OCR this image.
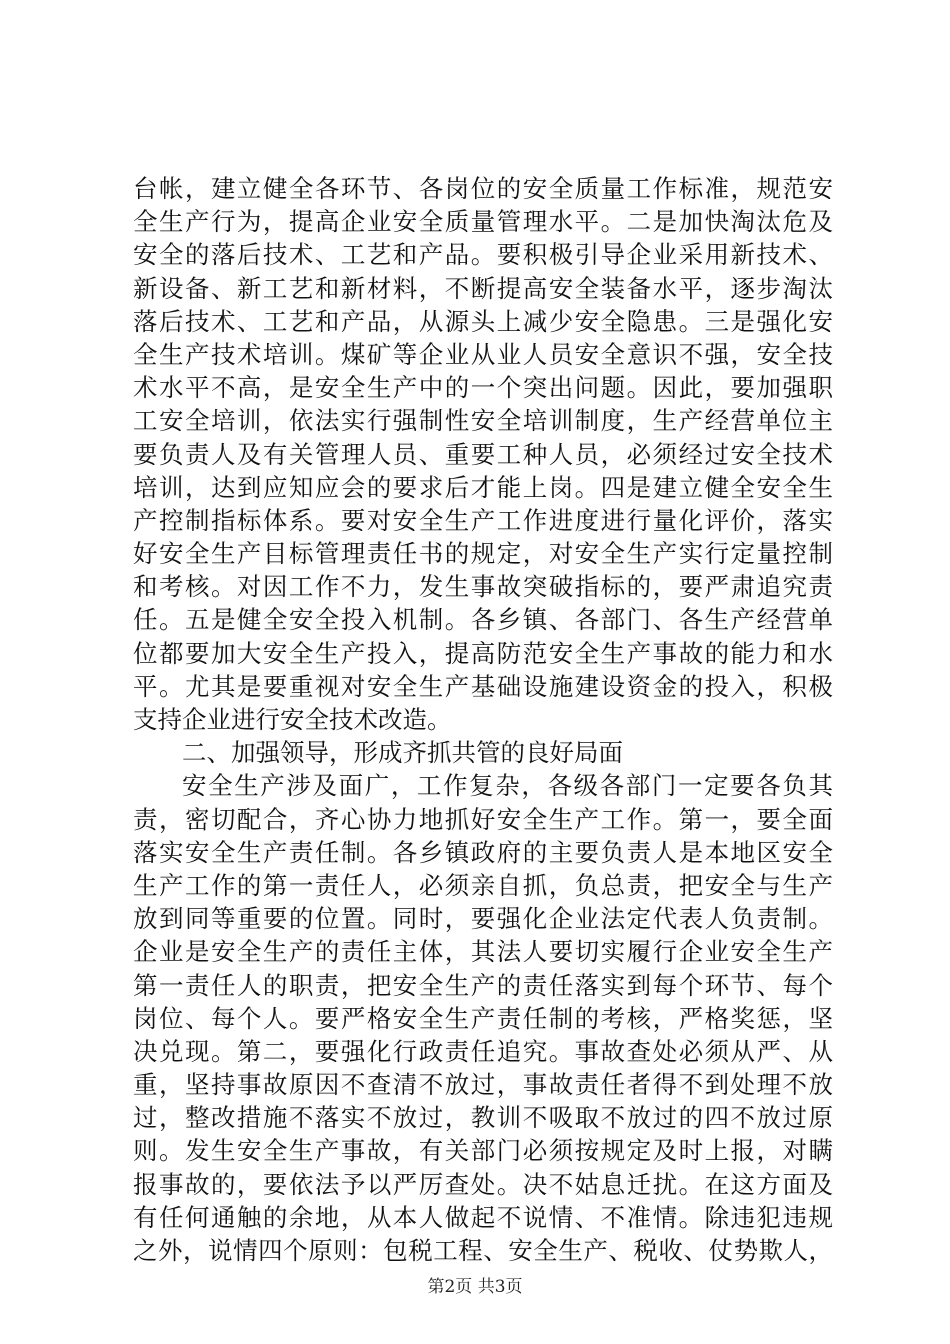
台帐，建立健全各环节、各岗位的安全质量工作标准，规范安
全生产行为，提高企业安全质量管理水平。二是加快淘汰危及
安全的落后技术、工艺和产品。要积极引导企业采用新技术、
新设备、新工艺和新材料，不断提高安全装备水平，逐步淘汰
落后技术、工艺和产品，从源头上减少安全隐患。三是强化安
全生产技术培训。煤矿等企业从业人员安全意识不强，安全技
术水平不高，是安全生产中的一个突出问题。因此，要加强职
工安全培训，依法实行强制性安全培训制度，生产经营单位主
要负责人及有关管理人员、重要工种人员，必须经过安全技术
培训，达到应知应会的要求后才能上岗。四是建立健全安全生
产控制指标体系。要对安全生产工作进度进行量化评价，落实
好安全生产目标管理责任书的规定，对安全生产实行定量控制
和考核。对因工作不力，发生事故突破指标的，要严肃追究责
任。五是健全安全投入机制。各乡镇、各部门、各生产经营单
位都要加大安全生产投入，提高防范安全生产事故的能力和水
平。尤其是要重视对安全生产基础设施建设资金的投入，积极
支持企业进行安全技术改造。
二、加强领导，形成齐抓共管的良好局面
安全生产涉及面广，工作复杂，各级各部门一定要各负其
责，密切配合，齐心协力地抓好安全生产工作。第一，要全面
落实安全生产责任制。各乡镇政府的主要负责人是本地区安全
生产工作的第一责任人，必须亲自抓，负总责，把安全与生产
放到同等重要的位置。同时，要强化企业法定代表人负责制。
企业是安全生产的责任主体，其法人要切实履行企业安全生产
第一责任人的职责，把安全生产的责任落实到每个环节、每个
岗位、每个人。要严格安全生产责任制的考核，严格奖惩，坚
决兑现。第二，要强化行政责任追究。事故查处必须从严、从
重，坚持事故原因不查清不放过，事故责任者得不到处理不放
过，整改措施不落实不放过，教训不吸取不放过的四不放过原
则。发生安全生产事故，有关部门必须按规定及时上报，对瞒
报事故的，要依法予以严厉查处。决不姑息迁扰。在这方面及
有任何通触的余地，从本人做起不说情、不准情。除违犯违规
之外，说情四个原则：包税工程、安全生产、税收、仗势欺人，
第2页 共3页
